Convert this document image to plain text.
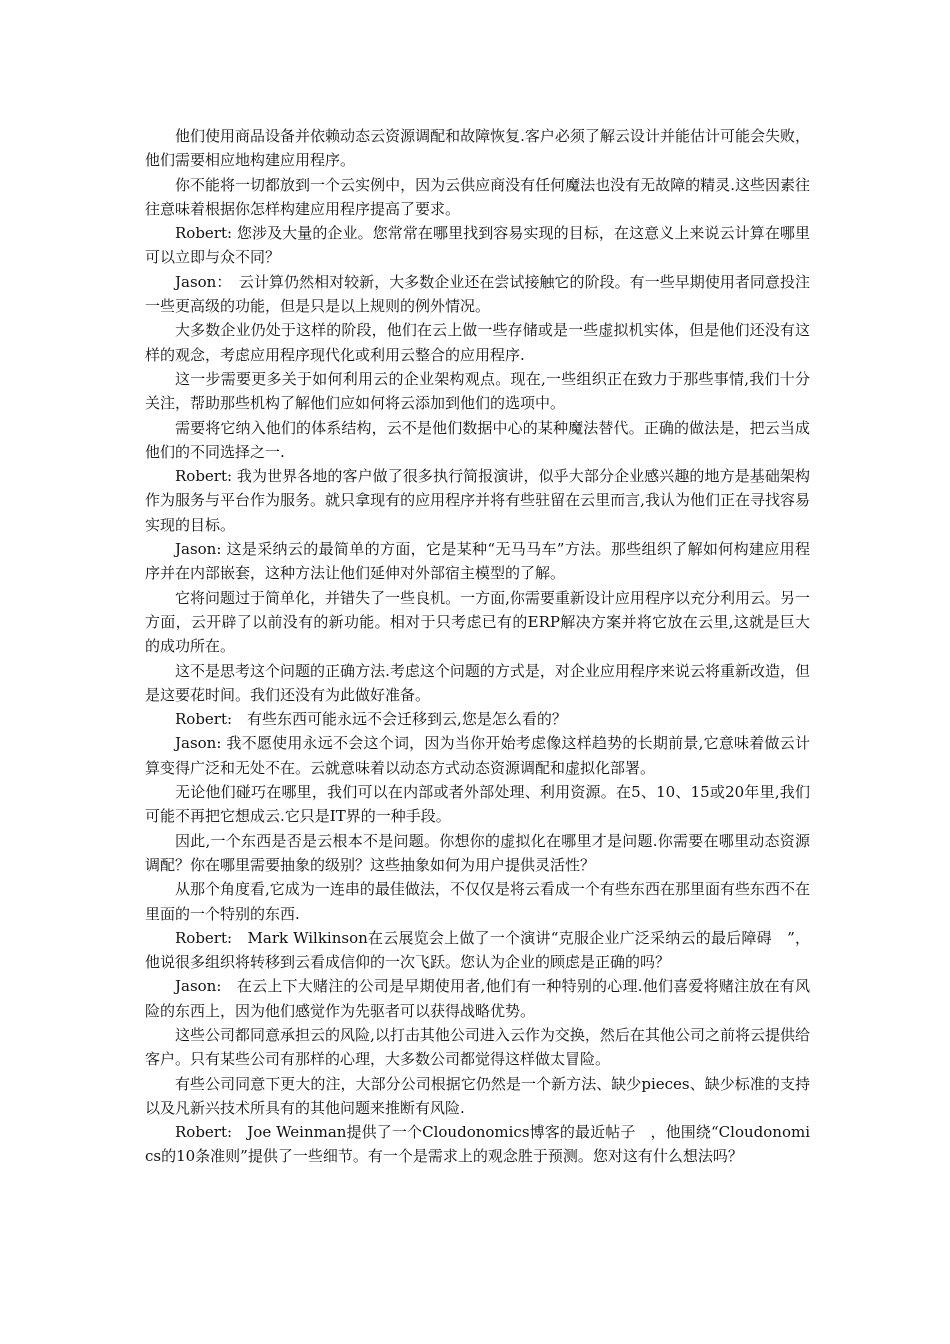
他们使用商品设备并依赖动态云资源调配和故障恢复.客户必须了解云设计并能估计可能会失败，他们需要相应地构建应用程序。

你不能将一切都放到一个云实例中，因为云供应商没有任何魔法也没有无故障的精灵.这些因素往往意味着根据你怎样构建应用程序提高了要求。

Robert: 您涉及大量的企业。您常常在哪里找到容易实现的目标，在这意义上来说云计算在哪里可以立即与众不同？

Jason：　云计算仍然相对较新，大多数企业还在尝试接触它的阶段。有一些早期使用者同意投注一些更高级的功能，但是只是以上规则的例外情况。

大多数企业仍处于这样的阶段，他们在云上做一些存储或是一些虚拟机实体，但是他们还没有这样的观念，考虑应用程序现代化或利用云整合的应用程序.

这一步需要更多关于如何利用云的企业架构观点。现在,一些组织正在致力于那些事情,我们十分关注，帮助那些机构了解他们应如何将云添加到他们的选项中。

需要将它纳入他们的体系结构，云不是他们数据中心的某种魔法替代。正确的做法是，把云当成他们的不同选择之一.

Robert: 我为世界各地的客户做了很多执行简报演讲，似乎大部分企业感兴趣的地方是基础架构作为服务与平台作为服务。就只拿现有的应用程序并将有些驻留在云里而言,我认为他们正在寻找容易实现的目标。

Jason: 这是采纳云的最简单的方面，它是某种“无马马车”方法。那些组织了解如何构建应用程序并在内部嵌套，这种方法让他们延伸对外部宿主模型的了解。

它将问题过于简单化，并错失了一些良机。一方面,你需要重新设计应用程序以充分利用云。另一方面，云开辟了以前没有的新功能。相对于只考虑已有的ERP解决方案并将它放在云里,这就是巨大的成功所在。

这不是思考这个问题的正确方法.考虑这个问题的方式是，对企业应用程序来说云将重新改造，但是这要花时间。我们还没有为此做好准备。

Robert:　有些东西可能永远不会迁移到云,您是怎么看的？

Jason: 我不愿使用永远不会这个词，因为当你开始考虑像这样趋势的长期前景,它意味着做云计算变得广泛和无处不在。云就意味着以动态方式动态资源调配和虚拟化部署。

无论他们碰巧在哪里，我们可以在内部或者外部处理、利用资源。在5、10、15或20年里,我们可能不再把它想成云.它只是IT界的一种手段。

因此,一个东西是否是云根本不是问题。你想你的虚拟化在哪里才是问题.你需要在哪里动态资源调配？你在哪里需要抽象的级别？这些抽象如何为用户提供灵活性？

从那个角度看,它成为一连串的最佳做法，不仅仅是将云看成一个有些东西在那里面有些东西不在里面的一个特别的东西.

Robert:　Mark Wilkinson在云展览会上做了一个演讲“克服企业广泛采纳云的最后障碍　”，他说很多组织将转移到云看成信仰的一次飞跃。您认为企业的顾虑是正确的吗？

Jason:　在云上下大赌注的公司是早期使用者,他们有一种特别的心理.他们喜爱将赌注放在有风险的东西上，因为他们感觉作为先驱者可以获得战略优势。

这些公司都同意承担云的风险,以打击其他公司进入云作为交换，然后在其他公司之前将云提供给客户。只有某些公司有那样的心理，大多数公司都觉得这样做太冒险。

有些公司同意下更大的注，大部分公司根据它仍然是一个新方法、缺少pieces、缺少标准的支持以及凡新兴技术所具有的其他问题来推断有风险.

Robert:　Joe Weinman提供了一个Cloudonomics博客的最近帖子　，他围绕“Cloudonomics的10条准则”提供了一些细节。有一个是需求上的观念胜于预测。您对这有什么想法吗？
